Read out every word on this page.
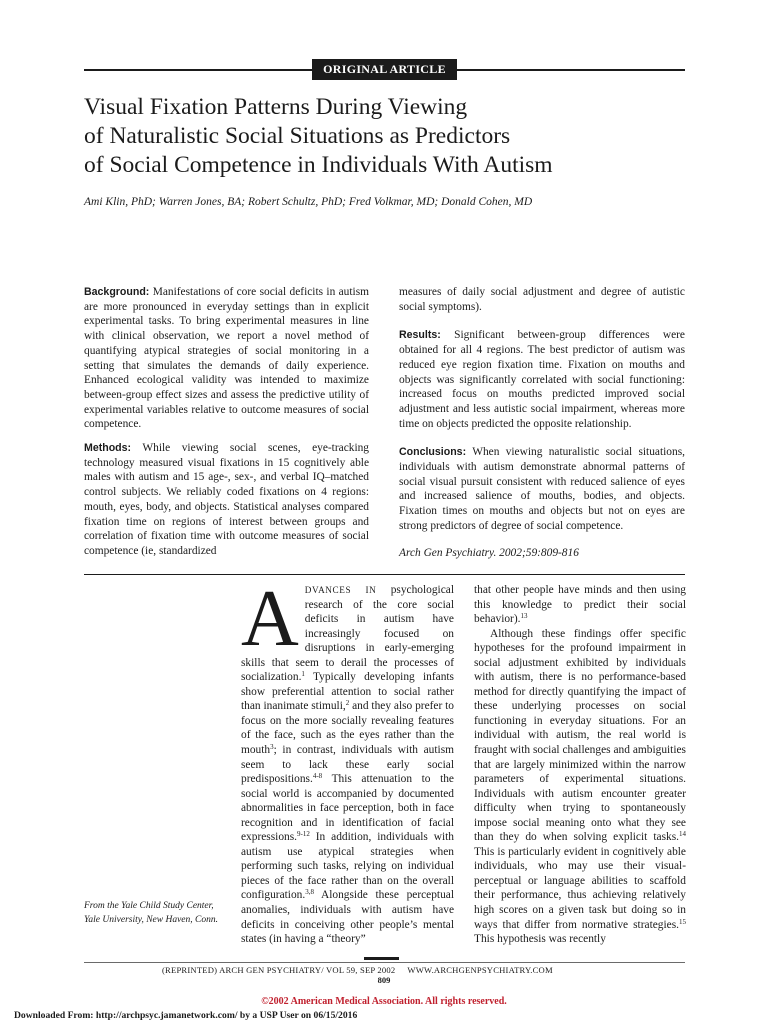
ORIGINAL ARTICLE
Visual Fixation Patterns During Viewing
of Naturalistic Social Situations as Predictors
of Social Competence in Individuals With Autism
Ami Klin, PhD; Warren Jones, BA; Robert Schultz, PhD; Fred Volkmar, MD; Donald Cohen, MD

Background: Manifestations of core social deficits in autism are more pronounced in everyday settings than in explicit experimental tasks. To bring experimental measures in line with clinical observation, we report a novel method of quantifying atypical strategies of social monitoring in a setting that simulates the demands of daily experience. Enhanced ecological validity was intended to maximize between-group effect sizes and assess the predictive utility of experimental variables relative to outcome measures of social competence.

Methods: While viewing social scenes, eye-tracking technology measured visual fixations in 15 cognitively able males with autism and 15 age-, sex-, and verbal IQ–matched control subjects. We reliably coded fixations on 4 regions: mouth, eyes, body, and objects. Statistical analyses compared fixation time on regions of interest between groups and correlation of fixation time with outcome measures of social competence (ie, standardized

measures of daily social adjustment and degree of autistic social symptoms).

Results: Significant between-group differences were obtained for all 4 regions. The best predictor of autism was reduced eye region fixation time. Fixation on mouths and objects was significantly correlated with social functioning: increased focus on mouths predicted improved social adjustment and less autistic social impairment, whereas more time on objects predicted the opposite relationship.

Conclusions: When viewing naturalistic social situations, individuals with autism demonstrate abnormal patterns of social visual pursuit consistent with reduced salience of eyes and increased salience of mouths, bodies, and objects. Fixation times on mouths and objects but not on eyes are strong predictors of degree of social competence.

Arch Gen Psychiatry. 2002;59:809-816

A DVANCES IN psychological research of the core social deficits in autism have increasingly focused on disruptions in early-emerging skills that seem to derail the processes of socialization.$^1$ Typically developing infants show preferential attention to social rather than inanimate stimuli,$^2$ and they also prefer to focus on the more socially revealing features of the face, such as the eyes rather than the mouth$^3$; in contrast, individuals with autism seem to lack these early social predispositions.$^{4-8}$ This attenuation to the social world is accompanied by documented abnormalities in face perception, both in face recognition and in identification of facial expressions.$^{9-12}$ In addition, individuals with autism use atypical strategies when performing such tasks, relying on individual pieces of the face rather than on the overall configuration.$^{3,8}$ Alongside these perceptual anomalies, individuals with autism have deficits in conceiving other people’s mental states (in having a “theory”

that other people have minds and then using this knowledge to predict their social behavior).$^{13}$

Although these findings offer specific hypotheses for the profound impairment in social adjustment exhibited by individuals with autism, there is no performance-based method for directly quantifying the impact of these underlying processes on social functioning in everyday situations. For an individual with autism, the real world is fraught with social challenges and ambiguities that are largely minimized within the narrow parameters of experimental situations. Individuals with autism encounter greater difficulty when trying to spontaneously impose social meaning onto what they see than they do when solving explicit tasks.$^{14}$ This is particularly evident in cognitively able individuals, who may use their visual-perceptual or language abilities to scaffold their performance, thus achieving relatively high scores on a given task but doing so in ways that differ from normative strategies.$^{15}$ This hypothesis was recently

From the Yale Child Study Center, Yale University, New Haven, Conn.
(REPRINTED) ARCH GEN PSYCHIATRY/ VOL 59, SEP 2002 WWW.ARCHGENPSYCHIATRY.COM
809
©2002 American Medical Association. All rights reserved.
Downloaded From: http://archpsyc.jamanetwork.com/ by a USP User on 06/15/2016
